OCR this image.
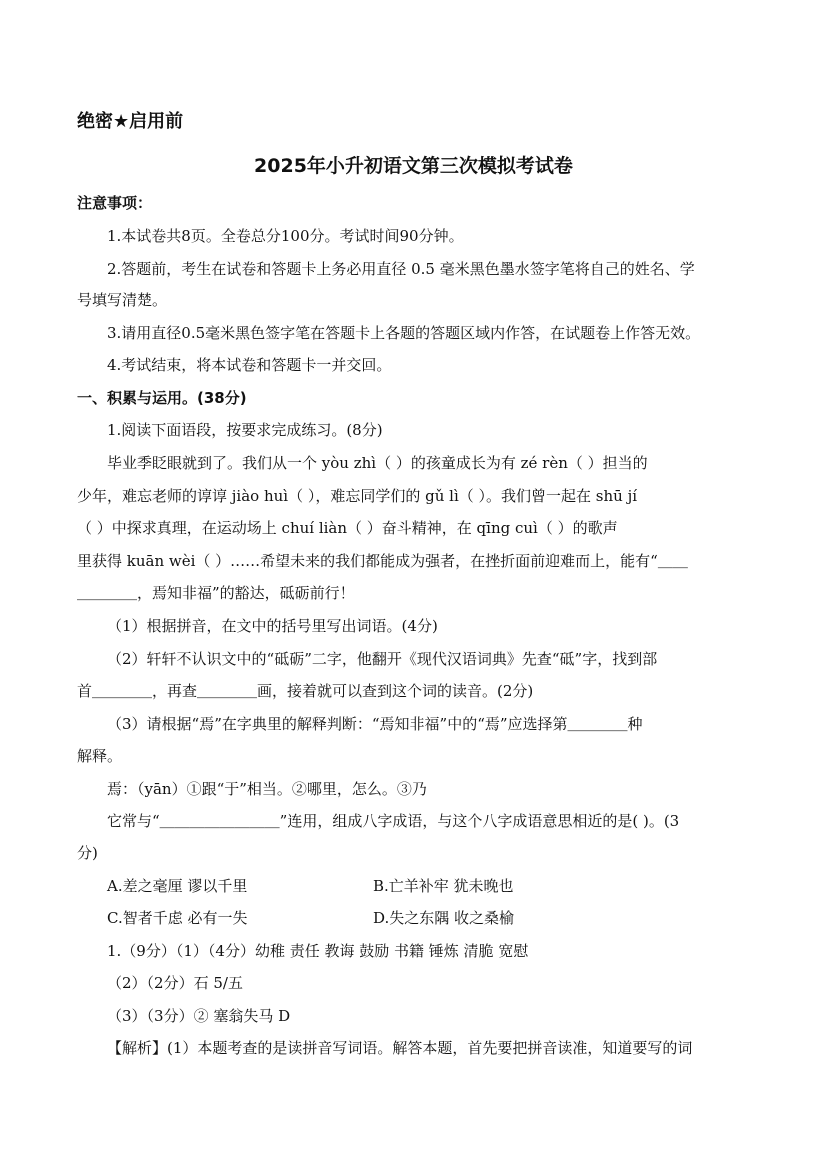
绝密★启用前
2025年小升初语文第三次模拟考试卷
注意事项：
1.本试卷共8页。全卷总分100分。考试时间90分钟。
2.答题前，考生在试卷和答题卡上务必用直径 0.5 毫米黑色墨水签字笔将自己的姓名、学
号填写清楚。
3.请用直径0.5毫米黑色签字笔在答题卡上各题的答题区域内作答，在试题卷上作答无效。
4.考试结束，将本试卷和答题卡一并交回。
一、积累与运用。(38分)
1.阅读下面语段，按要求完成练习。(8分)
毕业季眨眼就到了。我们从一个 yòu zhì（ ）的孩童成长为有 zé rèn（ ）担当的
少年，难忘老师的谆谆 jiào huì（ ），难忘同学们的 gǔ lì（ ）。我们曾一起在 shū jí
（ ）中探求真理，在运动场上 chuí liàn（ ）奋斗精神，在 qīng cuì（ ）的歌声
里获得 kuān wèi（ ）……希望未来的我们都能成为强者，在挫折面前迎难而上，能有“＿＿
＿＿＿＿，焉知非福”的豁达，砥砺前行！
（1）根据拼音，在文中的括号里写出词语。(4分)
（2）轩轩不认识文中的“砥砺”二字，他翻开《现代汉语词典》先查“砥”字，找到部
首＿＿＿＿，再查＿＿＿＿画，接着就可以查到这个词的读音。(2分)
（3）请根据“焉”在字典里的解释判断：“焉知非福”中的“焉”应选择第＿＿＿＿种
解释。
焉：（yān）①跟“于”相当。②哪里，怎么。③乃
它常与“＿＿＿＿＿＿＿＿”连用，组成八字成语，与这个八字成语意思相近的是( )。(3
分)
A.差之毫厘 谬以千里	B.亡羊补牢 犹未晚也
C.智者千虑 必有一失	D.失之东隅 收之桑榆
1.（9分）（1）（4分）幼稚 责任 教诲 鼓励 书籍 锤炼 清脆 宽慰
（2）（2分）石 5/五
（3）（3分）② 塞翁失马 D
【解析】(1）本题考查的是读拼音写词语。解答本题，首先要把拼音读准，知道要写的词
